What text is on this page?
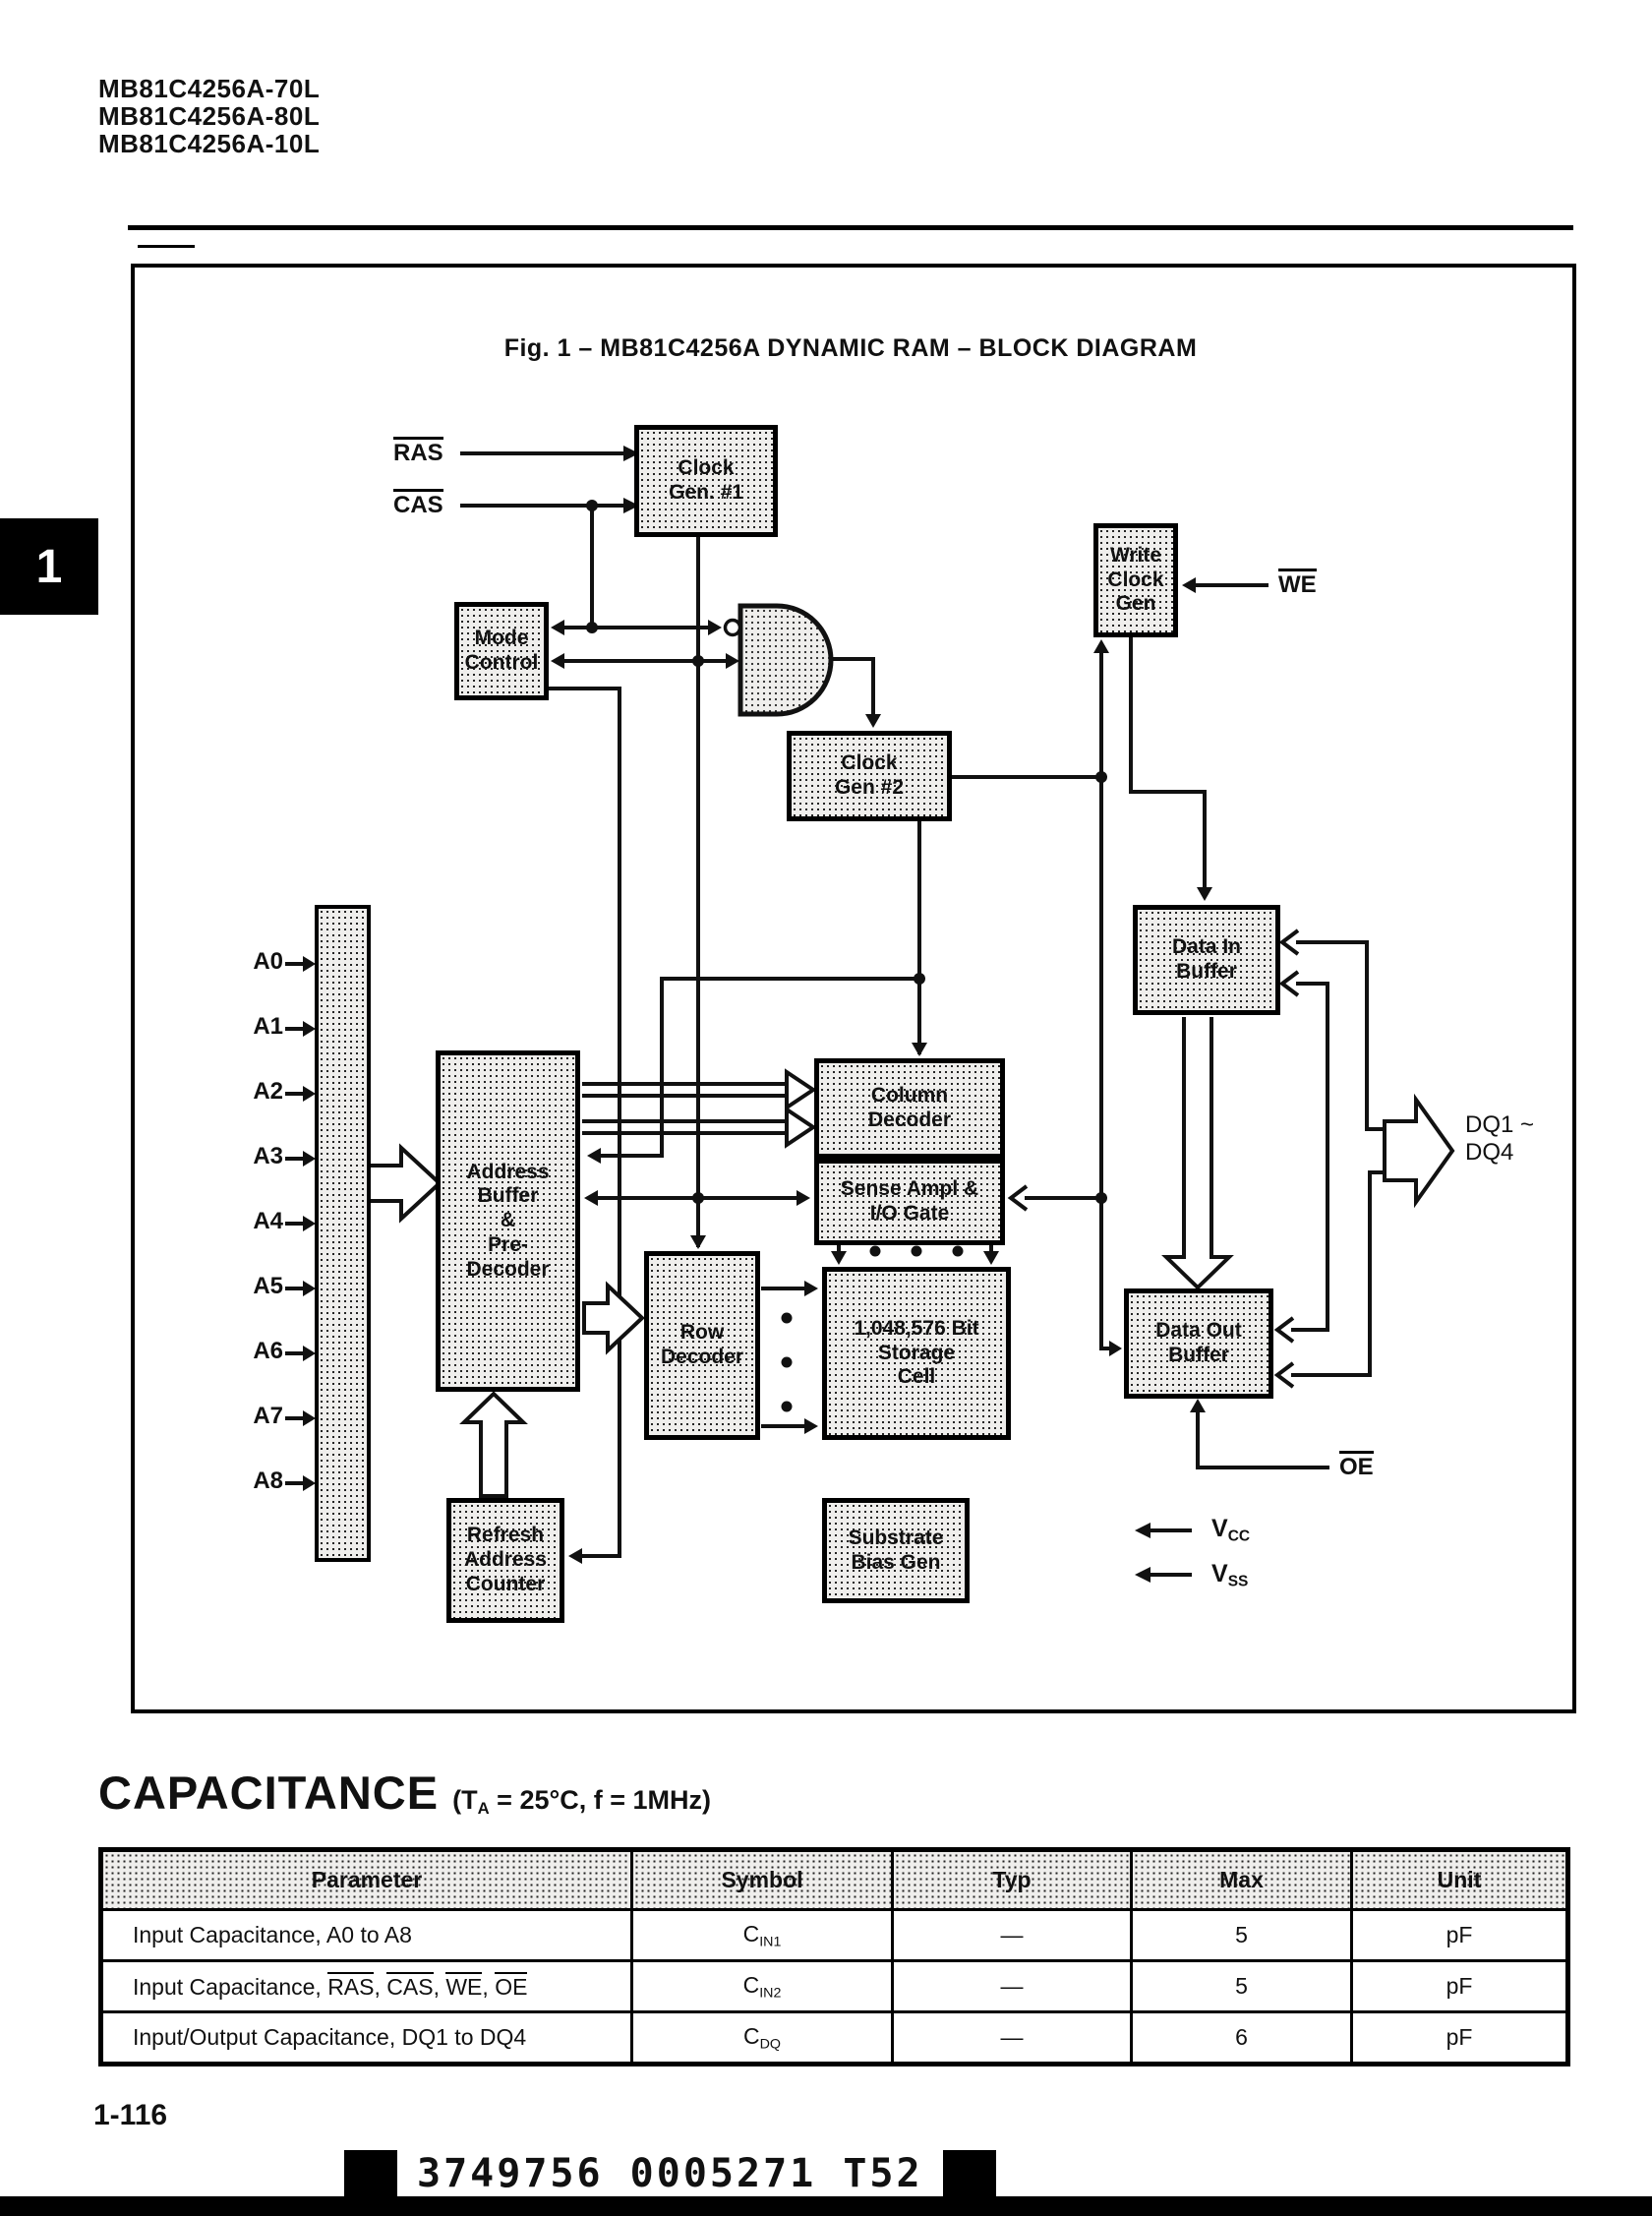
MB81C4256A-70L
MB81C4256A-80L
MB81C4256A-10L
1
Fig. 1 – MB81C4256A DYNAMIC RAM – BLOCK DIAGRAM
Clock
Gen. #1
Write
Clock
Gen
Mode
Control
Clock
Gen #2
Data In
Buffer
Address
Buffer
&
Pre-
Decoder
Column
Decoder
Sense Ampl &
I/O Gate
Row
Decoder
1,048,576 Bit
Storage
Cell
Data Out
Buffer
Refresh
Address
Counter
Substrate
Bias Gen
RAS
CAS
WE
OE
A0
A1
A2
A3
A4
A5
A6
A7
A8
DQ1 ~
DQ4
$V_{CC}$
$V_{SS}$
CAPACITANCE ($T_A = 25^\circ C$, f = 1MHz)
Parameter	Symbol	Typ	Max	Unit
Input Capacitance, A0 to A8	$C_{IN1}$	—	5	pF
Input Capacitance, RAS, CAS, WE, OE	$C_{IN2}$	—	5	pF
Input/Output Capacitance, DQ1 to DQ4	$C_{DQ}$	—	6	pF
1-116
3749756 0005271 T52
